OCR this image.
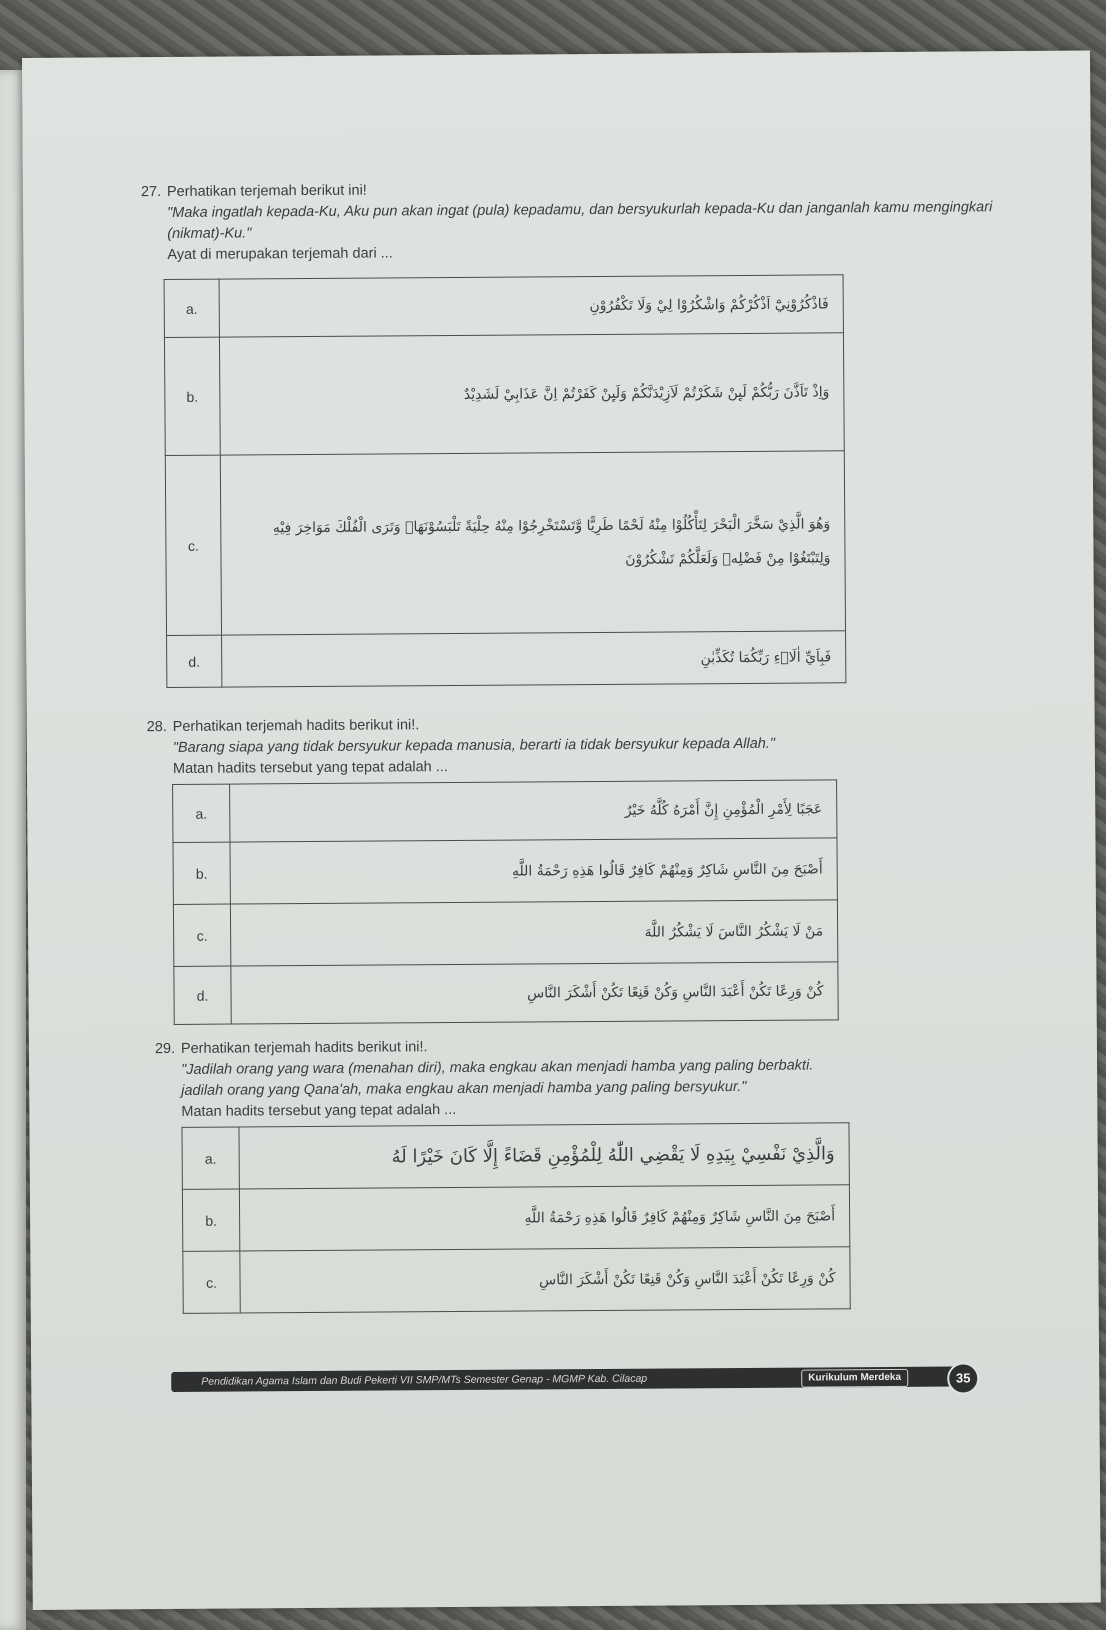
27. Perhatikan terjemah berikut ini!
"Maka ingatlah kepada-Ku, Aku pun akan ingat (pula) kepadamu, dan bersyukurlah kepada-Ku dan janganlah kamu mengingkari (nikmat)-Ku."
Ayat di merupakan terjemah dari ...
a.	فَاذْكُرُوْنِيْٓ اَذْكُرْكُمْ وَاشْكُرُوْا لِيْ وَلَا تَكْفُرُوْنِ
b.	وَاِذْ تَاَذَّنَ رَبُّكُمْ لَىِٕنْ شَكَرْتُمْ لَاَزِيْدَنَّكُمْ وَلَىِٕنْ كَفَرْتُمْ اِنَّ عَذَابِيْ لَشَدِيْدٌ
c.	وَهُوَ الَّذِيْ سَخَّرَ الْبَحْرَ لِتَأْكُلُوْا مِنْهُ لَحْمًا طَرِيًّا وَّتَسْتَخْرِجُوْا مِنْهُ حِلْيَةً تَلْبَسُوْنَهَاۚ وَتَرَى الْفُلْكَ مَوَاخِرَ فِيْهِ وَلِتَبْتَغُوْا مِنْ فَضْلِهٖ وَلَعَلَّكُمْ تَشْكُرُوْنَ
d.	فَبِاَيِّ اٰلَاۤءِ رَبِّكُمَا تُكَذِّبٰنِ
28. Perhatikan terjemah hadits berikut ini!.
"Barang siapa yang tidak bersyukur kepada manusia, berarti ia tidak bersyukur kepada Allah."
Matan hadits tersebut yang tepat adalah ...
a.	عَجَبًا لِأَمْرِ الْمُؤْمِنِ إِنَّ أَمْرَهُ كُلَّهُ خَيْرٌ
b.	أَصْبَحَ مِنَ النَّاسِ شَاكِرٌ وَمِنْهُمْ كَافِرٌ قَالُوا هَذِهِ رَحْمَةُ اللَّهِ
c.	مَنْ لَا يَشْكُرُ النَّاسَ لَا يَشْكُرُ اللَّهَ
d.	كُنْ وَرِعًا تَكُنْ أَعْبَدَ النَّاسِ وَكُنْ قَنِعًا تَكُنْ أَشْكَرَ النَّاسِ
29. Perhatikan terjemah hadits berikut ini!.
"Jadilah orang yang wara (menahan diri), maka engkau akan menjadi hamba yang paling berbakti.
jadilah orang yang Qana'ah, maka engkau akan menjadi hamba yang paling bersyukur."
Matan hadits tersebut yang tepat adalah ...
a.	وَالَّذِيْ نَفْسِيْ بِيَدِهِ لَا يَقْضِي اللّٰهُ لِلْمُؤْمِنِ قَضَاءً إِلَّا كَانَ خَيْرًا لَهُ
b.	أَصْبَحَ مِنَ النَّاسِ شَاكِرٌ وَمِنْهُمْ كَافِرٌ قَالُوا هَذِهِ رَحْمَةُ اللَّهِ
c.	كُنْ وَرِعًا تَكُنْ أَعْبَدَ النَّاسِ وَكُنْ قَنِعًا تَكُنْ أَشْكَرَ النَّاسِ
Pendidikan Agama Islam dan Budi Pekerti VII SMP/MTs Semester Genap - MGMP Kab. Cilacap	Kurikulum Merdeka	35
